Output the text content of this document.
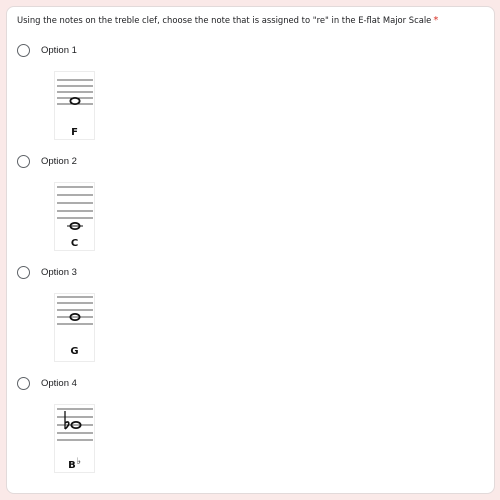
Using the notes on the treble clef, choose the note that is assigned to "re" in the E-flat Major Scale *
Option 1
F
Option 2
C
Option 3
G
Option 4
B♭
